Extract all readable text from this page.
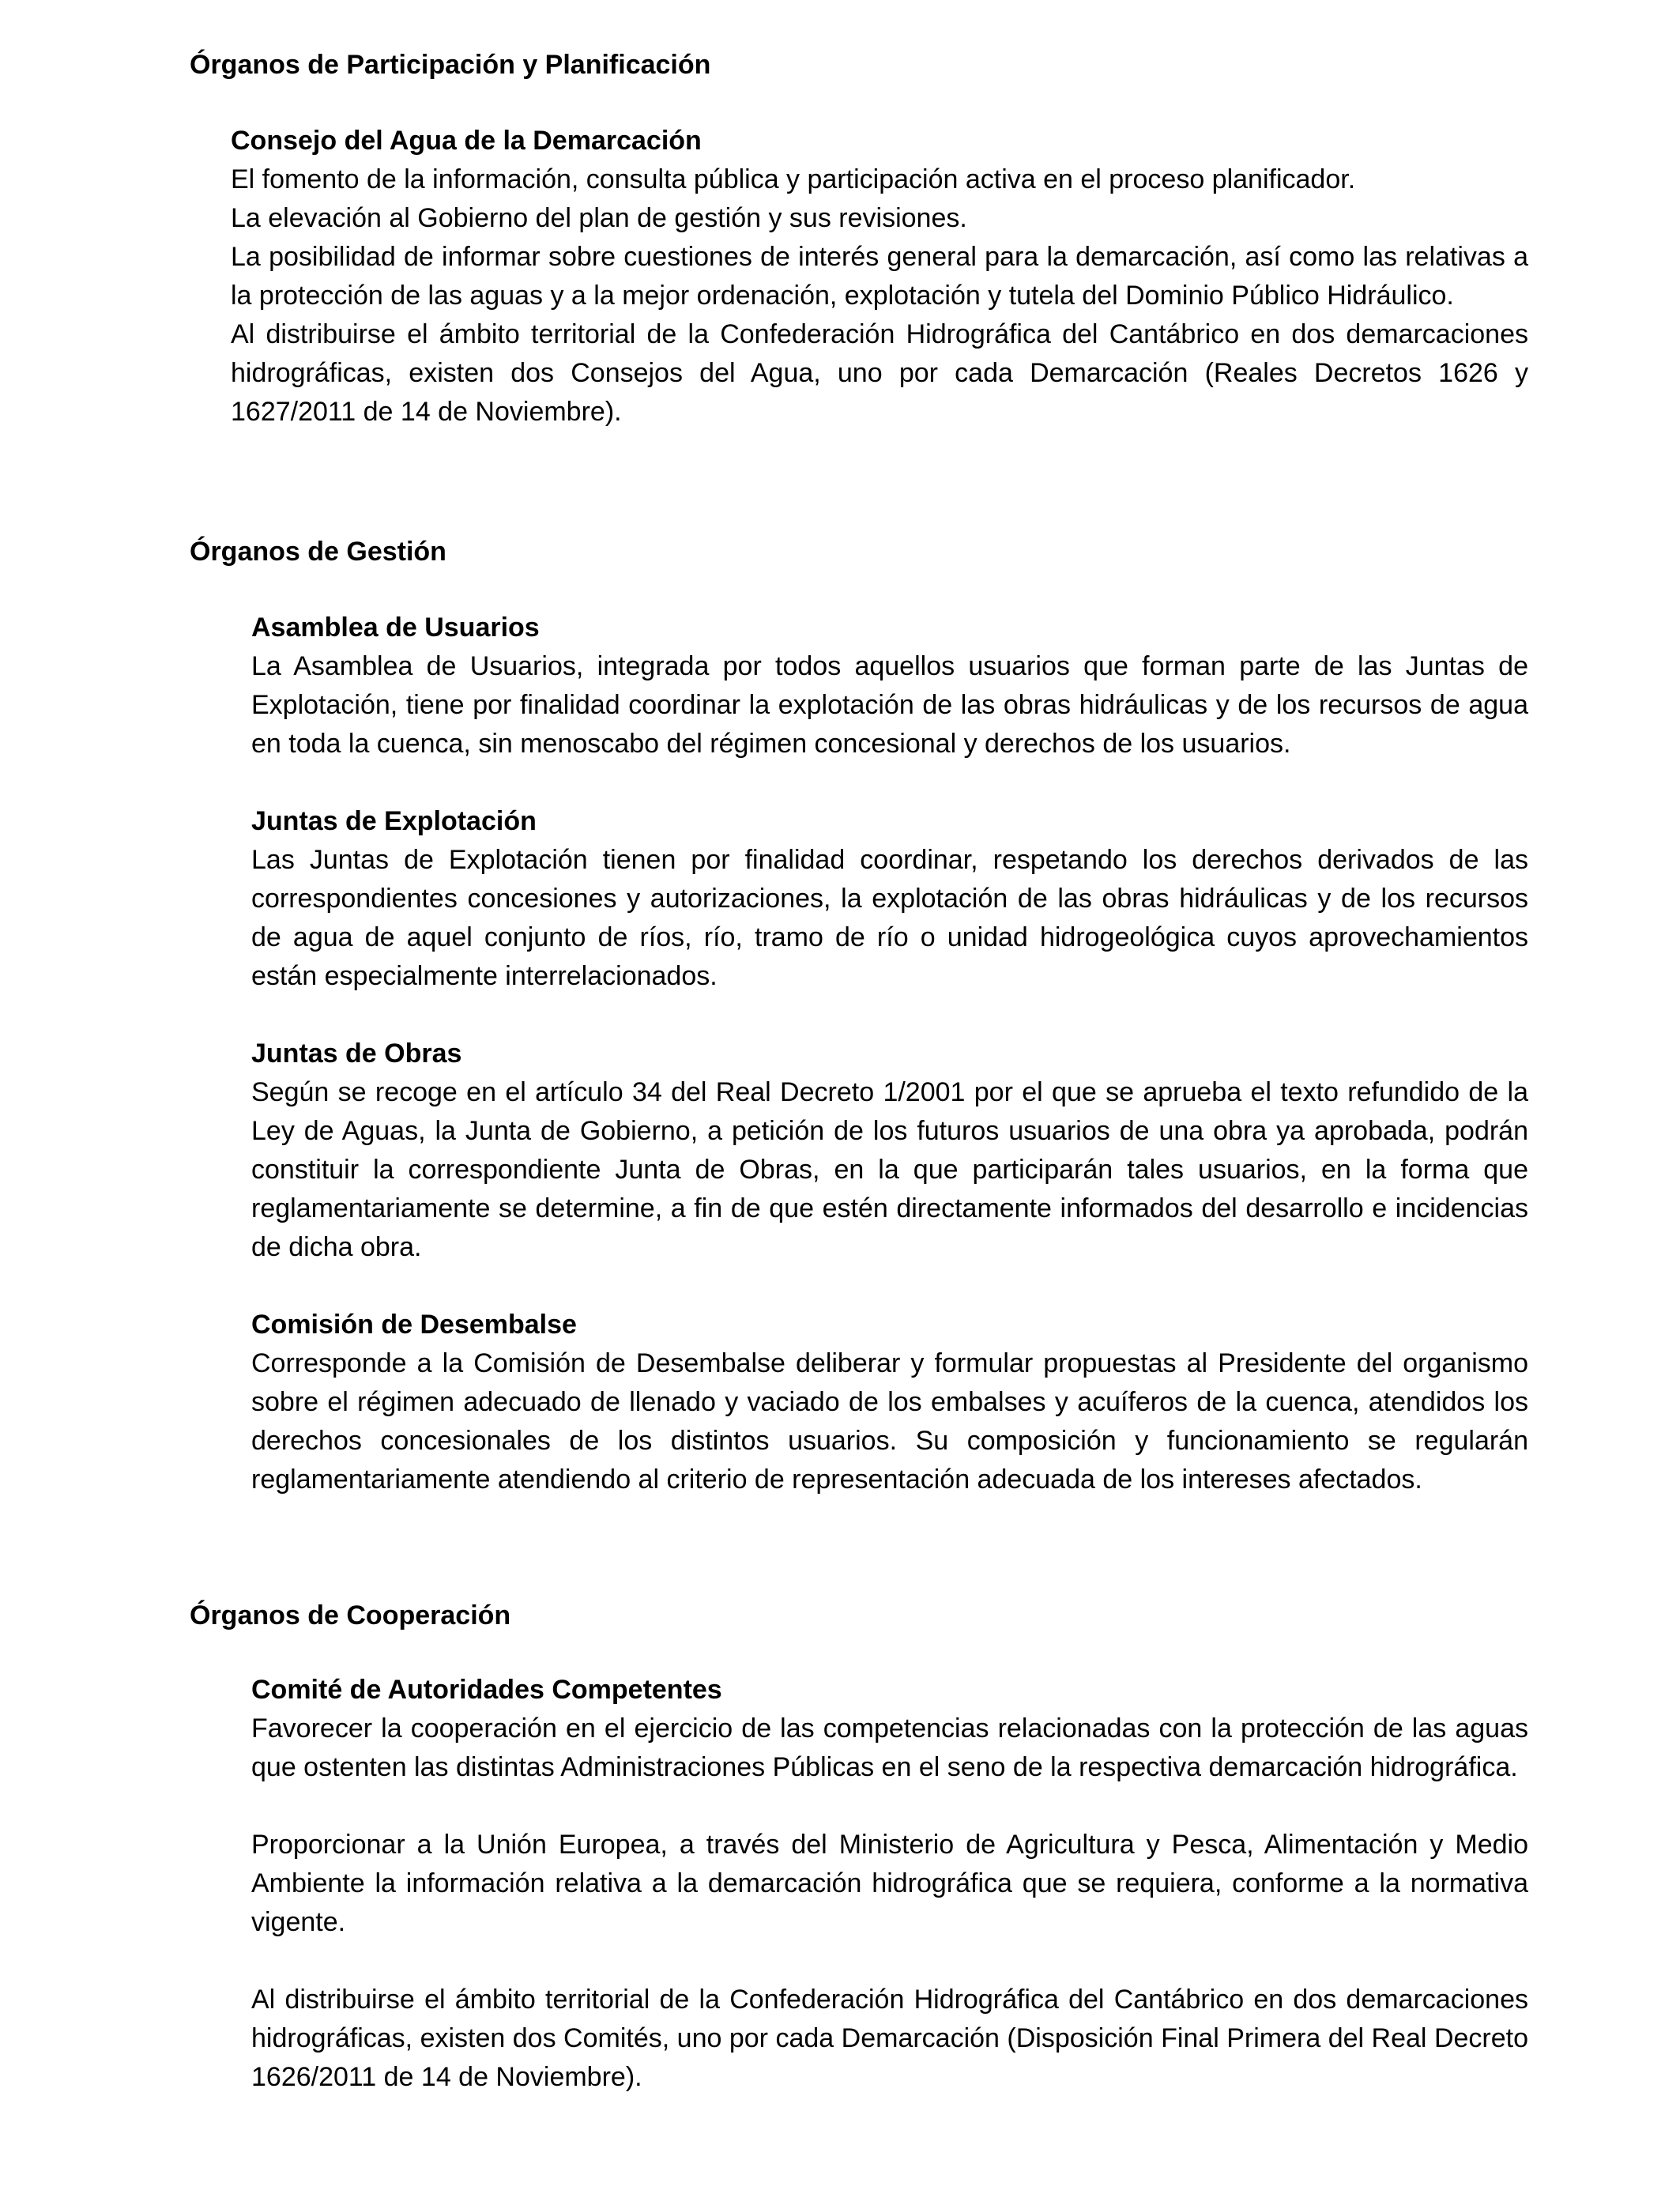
Órganos de Participación y Planificación
Consejo del Agua de la Demarcación

El fomento de la información, consulta pública y participación activa en el proceso planificador.

La elevación al Gobierno del plan de gestión y sus revisiones.

La posibilidad de informar sobre cuestiones de interés general para la demarcación, así como las relativas a la protección de las aguas y a la mejor ordenación, explotación y tutela del Dominio Público Hidráulico.

Al distribuirse el ámbito territorial de la Confederación Hidrográfica del Cantábrico en dos demarcaciones hidrográficas, existen dos Consejos del Agua, uno por cada Demarcación (Reales Decretos 1626 y 1627/2011 de 14 de Noviembre).

Órganos de Gestión
Asamblea de Usuarios

La Asamblea de Usuarios, integrada por todos aquellos usuarios que forman parte de las Juntas de Explotación, tiene por finalidad coordinar la explotación de las obras hidráulicas y de los recursos de agua en toda la cuenca, sin menoscabo del régimen concesional y derechos de los usuarios.

Juntas de Explotación

Las Juntas de Explotación tienen por finalidad coordinar, respetando los derechos derivados de las correspondientes concesiones y autorizaciones, la explotación de las obras hidráulicas y de los recursos de agua de aquel conjunto de ríos, río, tramo de río o unidad hidrogeológica cuyos aprovechamientos están especialmente interrelacionados.

Juntas de Obras

Según se recoge en el artículo 34 del Real Decreto 1/2001 por el que se aprueba el texto refundido de la Ley de Aguas, la Junta de Gobierno, a petición de los futuros usuarios de una obra ya aprobada, podrán constituir la correspondiente Junta de Obras, en la que participarán tales usuarios, en la forma que reglamentariamente se determine, a fin de que estén directamente informados del desarrollo e incidencias de dicha obra.

Comisión de Desembalse

Corresponde a la Comisión de Desembalse deliberar y formular propuestas al Presidente del organismo sobre el régimen adecuado de llenado y vaciado de los embalses y acuíferos de la cuenca, atendidos los derechos concesionales de los distintos usuarios. Su composición y funcionamiento se regularán reglamentariamente atendiendo al criterio de representación adecuada de los intereses afectados.

Órganos de Cooperación
Comité de Autoridades Competentes

Favorecer la cooperación en el ejercicio de las competencias relacionadas con la protección de las aguas que ostenten las distintas Administraciones Públicas en el seno de la respectiva demarcación hidrográfica.

Proporcionar a la Unión Europea, a través del Ministerio de Agricultura y Pesca, Alimentación y Medio Ambiente la información relativa a la demarcación hidrográfica que se requiera, conforme a la normativa vigente.

Al distribuirse el ámbito territorial de la Confederación Hidrográfica del Cantábrico en dos demarcaciones hidrográficas, existen dos Comités, uno por cada Demarcación (Disposición Final Primera del Real Decreto 1626/2011 de 14 de Noviembre).
